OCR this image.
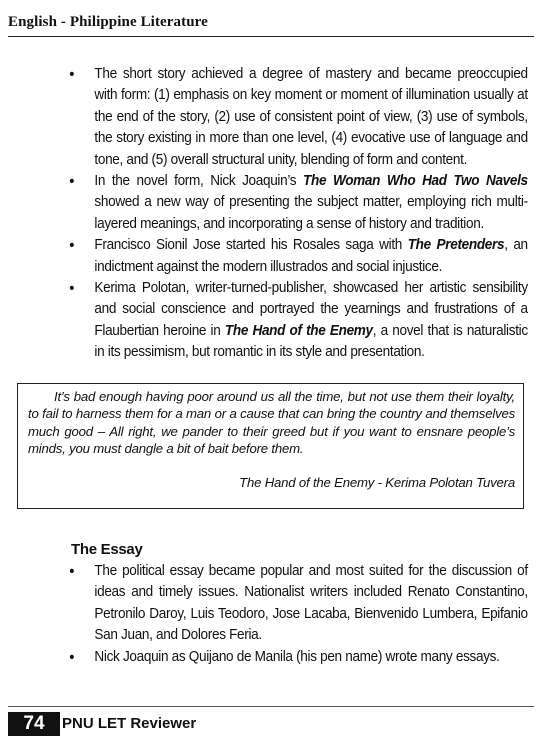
English - Philippine Literature
• The short story achieved a degree of mastery and became preoccupied with form: (1) emphasis on key moment or moment of illumination usually at the end of the story, (2) use of consistent point of view, (3) use of symbols, the story existing in more than one level, (4) evocative use of language and tone, and (5) overall structural unity, blending of form and content.
• In the novel form, Nick Joaquin’s The Woman Who Had Two Navels showed a new way of presenting the subject matter, employing rich multi-layered meanings, and incorporating a sense of history and tradition.
• Francisco Sionil Jose started his Rosales saga with The Pretenders, an indictment against the modern illustrados and social injustice.
• Kerima Polotan, writer-turned-publisher, showcased her artistic sensibility and social conscience and portrayed the yearnings and frustrations of a Flaubertian heroine in The Hand of the Enemy, a novel that is naturalistic in its pessimism, but romantic in its style and presentation.

It’s bad enough having poor around us all the time, but not use them their loyalty, to fail to harness them for a man or a cause that can bring the country and themselves much good – All right, we pander to their greed but if you want to ensnare people’s minds, you must dangle a bit of bait before them.

The Hand of the Enemy - Kerima Polotan Tuvera
The Essay
• The political essay became popular and most suited for the discussion of ideas and timely issues. Nationalist writers included Renato Constantino, Petronilo Daroy, Luis Teodoro, Jose Lacaba, Bienvenido Lumbera, Epifanio San Juan, and Dolores Feria.
• Nick Joaquin as Quijano de Manila (his pen name) wrote many essays.
74	PNU LET Reviewer
